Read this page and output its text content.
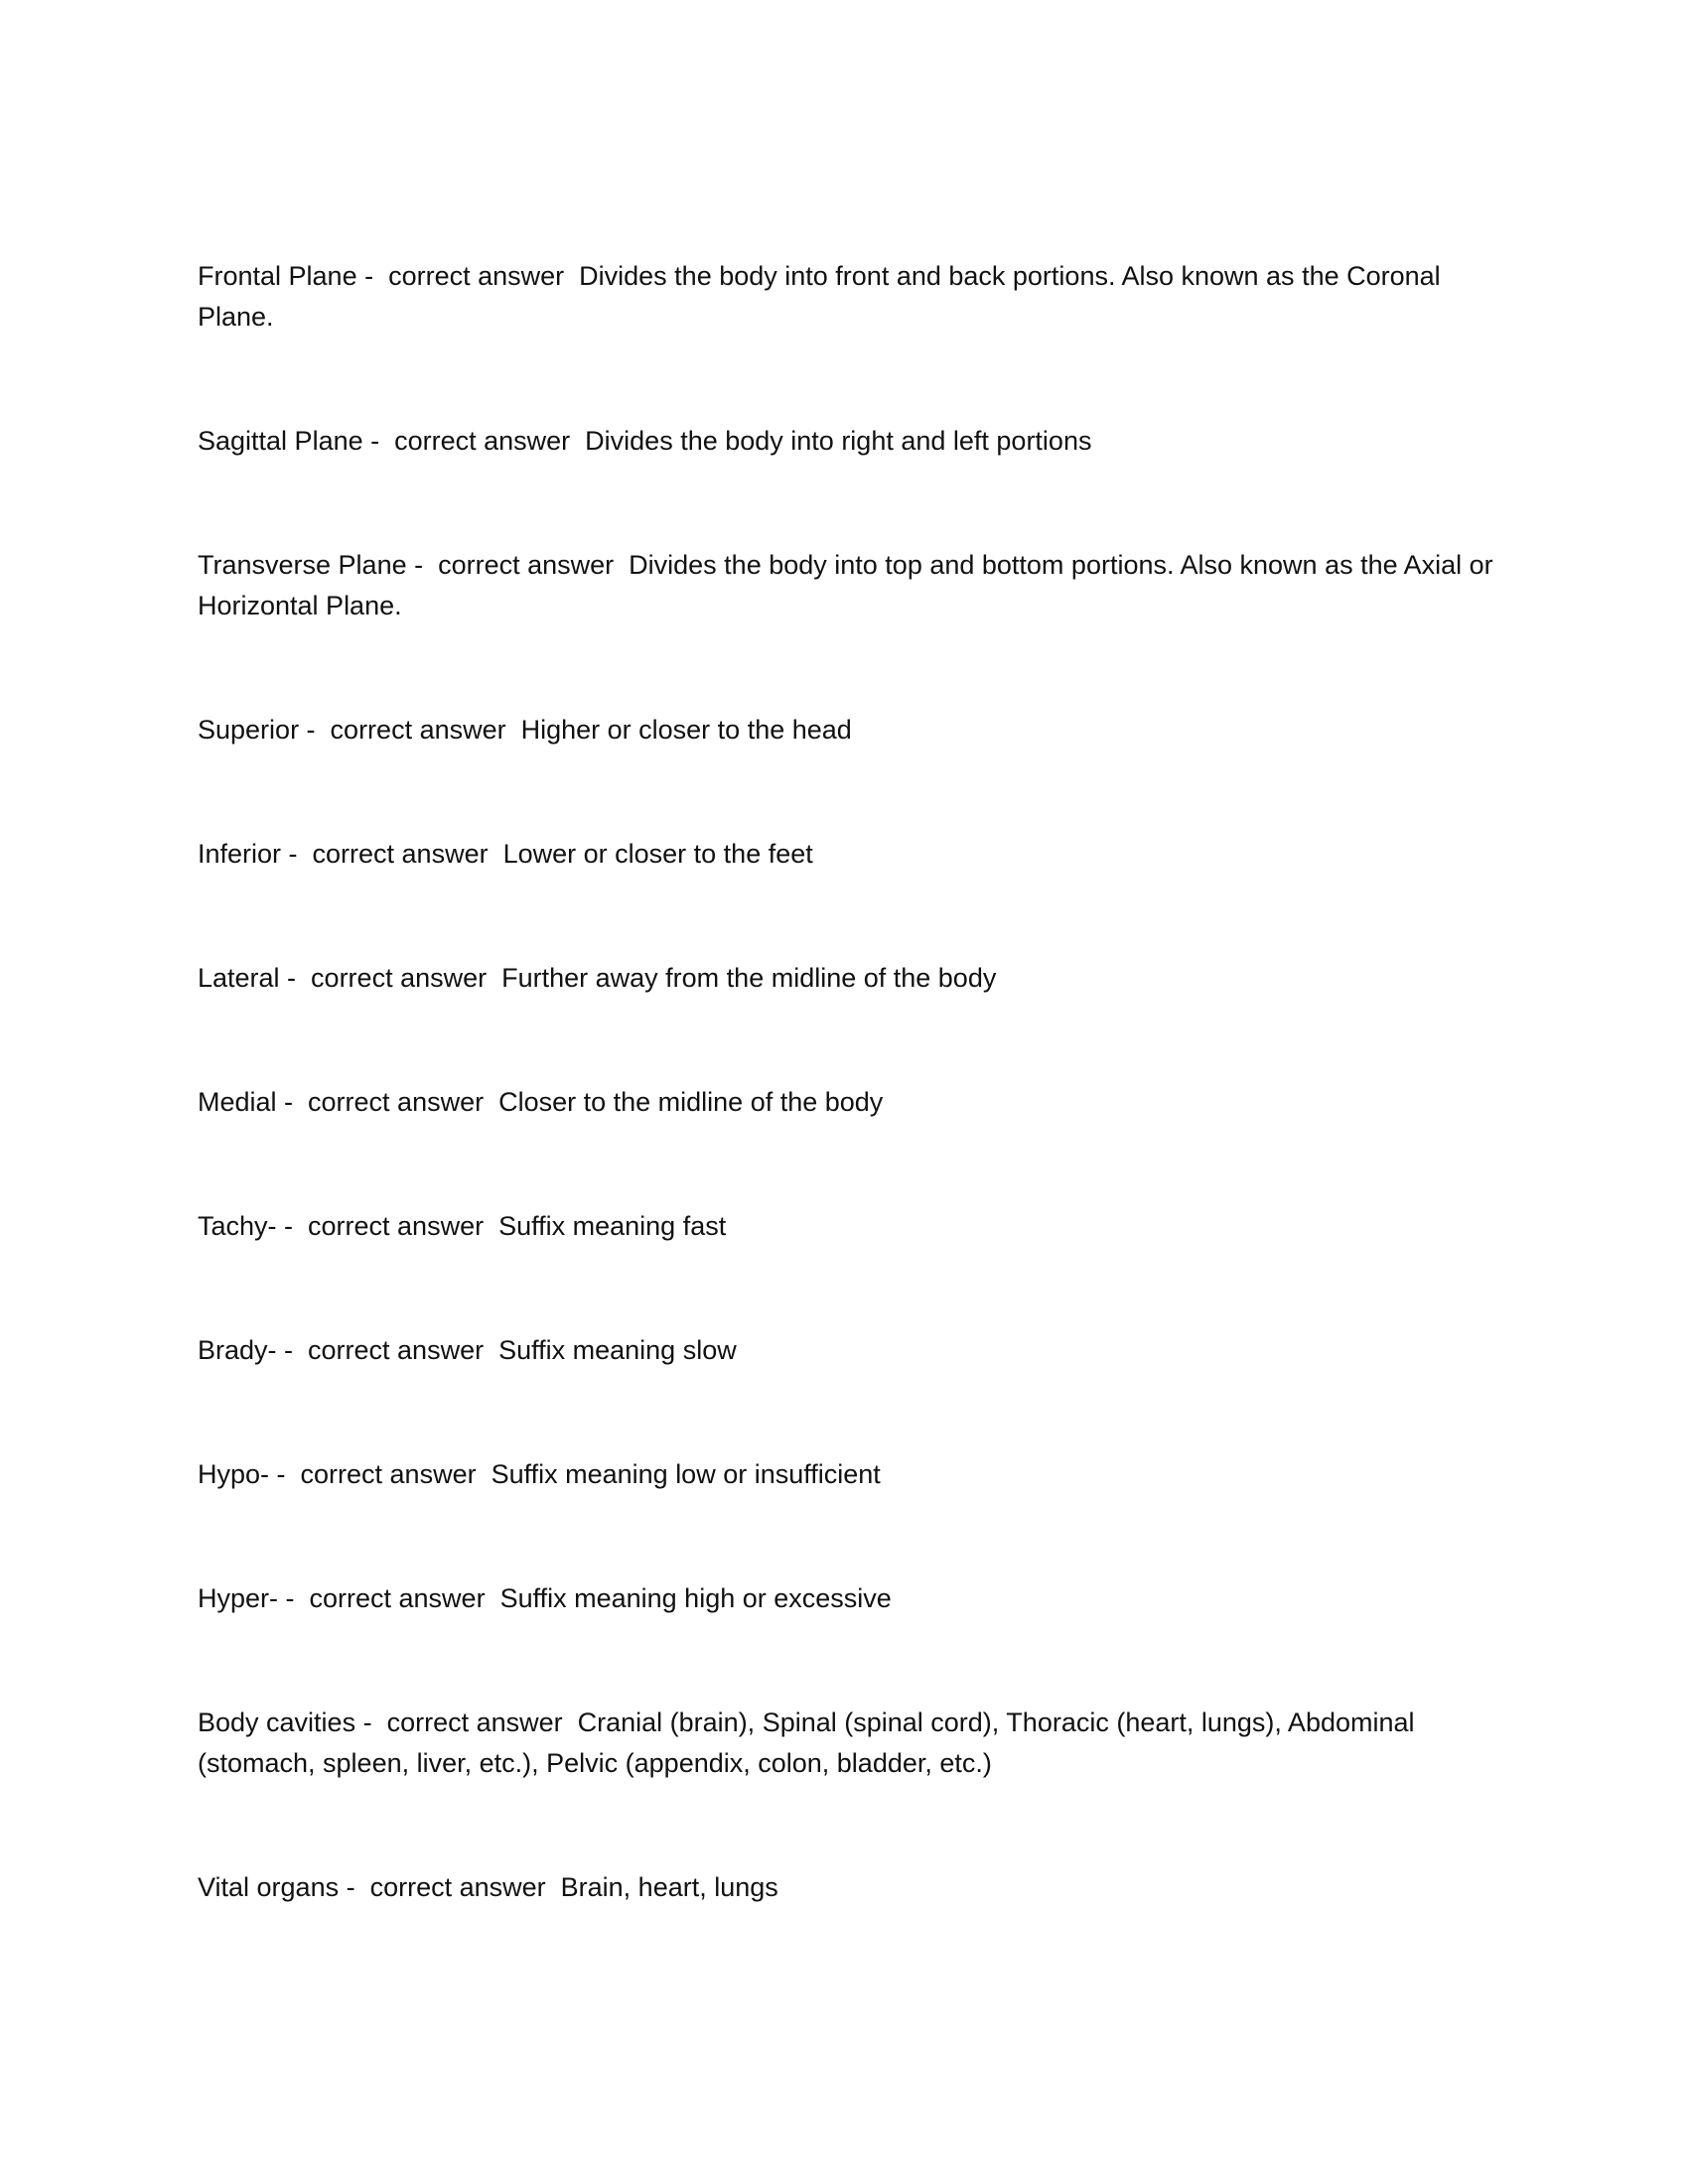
Frontal Plane -  correct answer  Divides the body into front and back portions. Also known as the Coronal Plane.

Sagittal Plane -  correct answer  Divides the body into right and left portions

Transverse Plane -  correct answer  Divides the body into top and bottom portions. Also known as the Axial or Horizontal Plane.

Superior -  correct answer  Higher or closer to the head

Inferior -  correct answer  Lower or closer to the feet

Lateral -  correct answer  Further away from the midline of the body

Medial -  correct answer  Closer to the midline of the body

Tachy- -  correct answer  Suffix meaning fast

Brady- -  correct answer  Suffix meaning slow

Hypo- -  correct answer  Suffix meaning low or insufficient

Hyper- -  correct answer  Suffix meaning high or excessive

Body cavities -  correct answer  Cranial (brain), Spinal (spinal cord), Thoracic (heart, lungs), Abdominal (stomach, spleen, liver, etc.), Pelvic (appendix, colon, bladder, etc.)

Vital organs -  correct answer  Brain, heart, lungs
